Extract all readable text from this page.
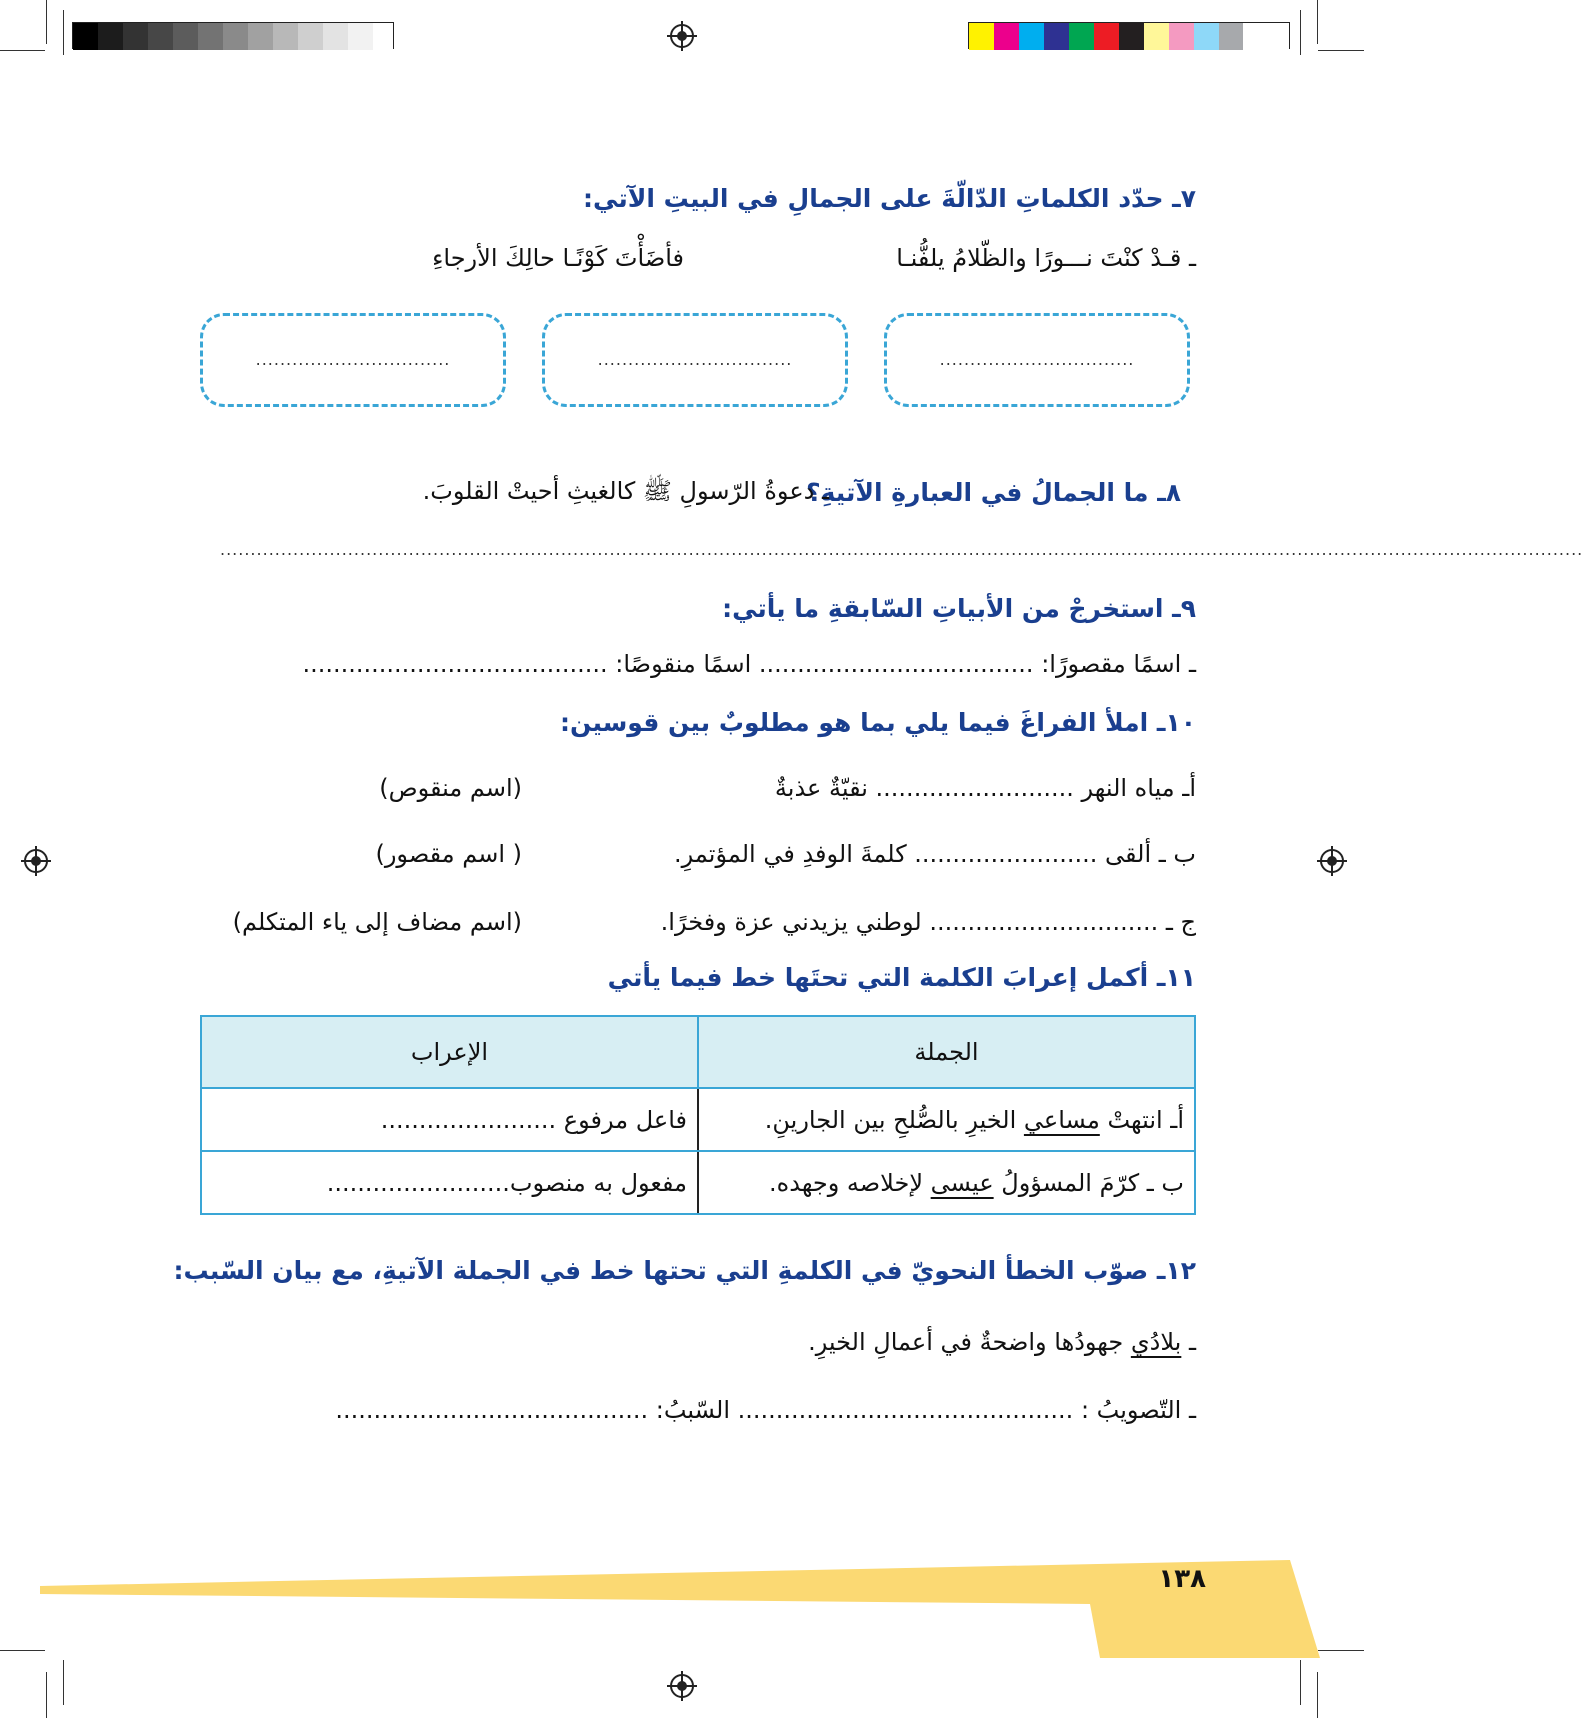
٧ـ حدّد الكلماتِ الدّالّةَ على الجمالِ في البيتِ الآتي:
ـ قـدْ كنْتَ نـــورًا والظّلامُ يلفُّنـا
فأضَأْتَ كَوْنًـا حالِكَ الأرجاءِ
................................	................................	................................
٨ـ ما الجمالُ في العبارةِ الآتيةِ؟
ـ دعوةُ الرّسولِ ﷺ كالغيثِ أحيتْ القلوبَ.
................................................................................................................................................................................................................................
٩ـ استخرجْ من الأبياتِ السّابقةِ ما يأتي:
ـ اسمًا مقصورًا: .................................... اسمًا منقوصًا: ........................................
١٠ـ املأ الفراغَ فيما يلي بما هو مطلوبٌ بين قوسين:
أـ مياه النهر .......................... نقيّةٌ عذبةٌ
(اسم منقوص)
ب ـ ألقى ........................ كلمةَ الوفدِ في المؤتمرِ.
( اسم مقصور)
ج ـ .............................. لوطني يزيدني عزة وفخرًا.
(اسم مضاف إلى ياء المتكلم)
١١ـ أكمل إعرابَ الكلمة التي تحتَها خط فيما يأتي
الجملة	الإعراب
أـ انتهتْ مساعي الخيرِ بالصُّلحِ بين الجارينِ.	فاعل مرفوع .......................
ب ـ كرّمَ المسؤولُ عيسى لإخلاصه وجهده.	مفعول به منصوب........................
١٢ـ صوّب الخطأ النحويّ في الكلمةِ التي تحتها خط في الجملة الآتيةِ، مع بيان السّبب:
ـ بلادُي جهودُها واضحةٌ في أعمالِ الخيرِ.
ـ التّصويبُ : ............................................ السّببُ: .........................................
١٣٨
